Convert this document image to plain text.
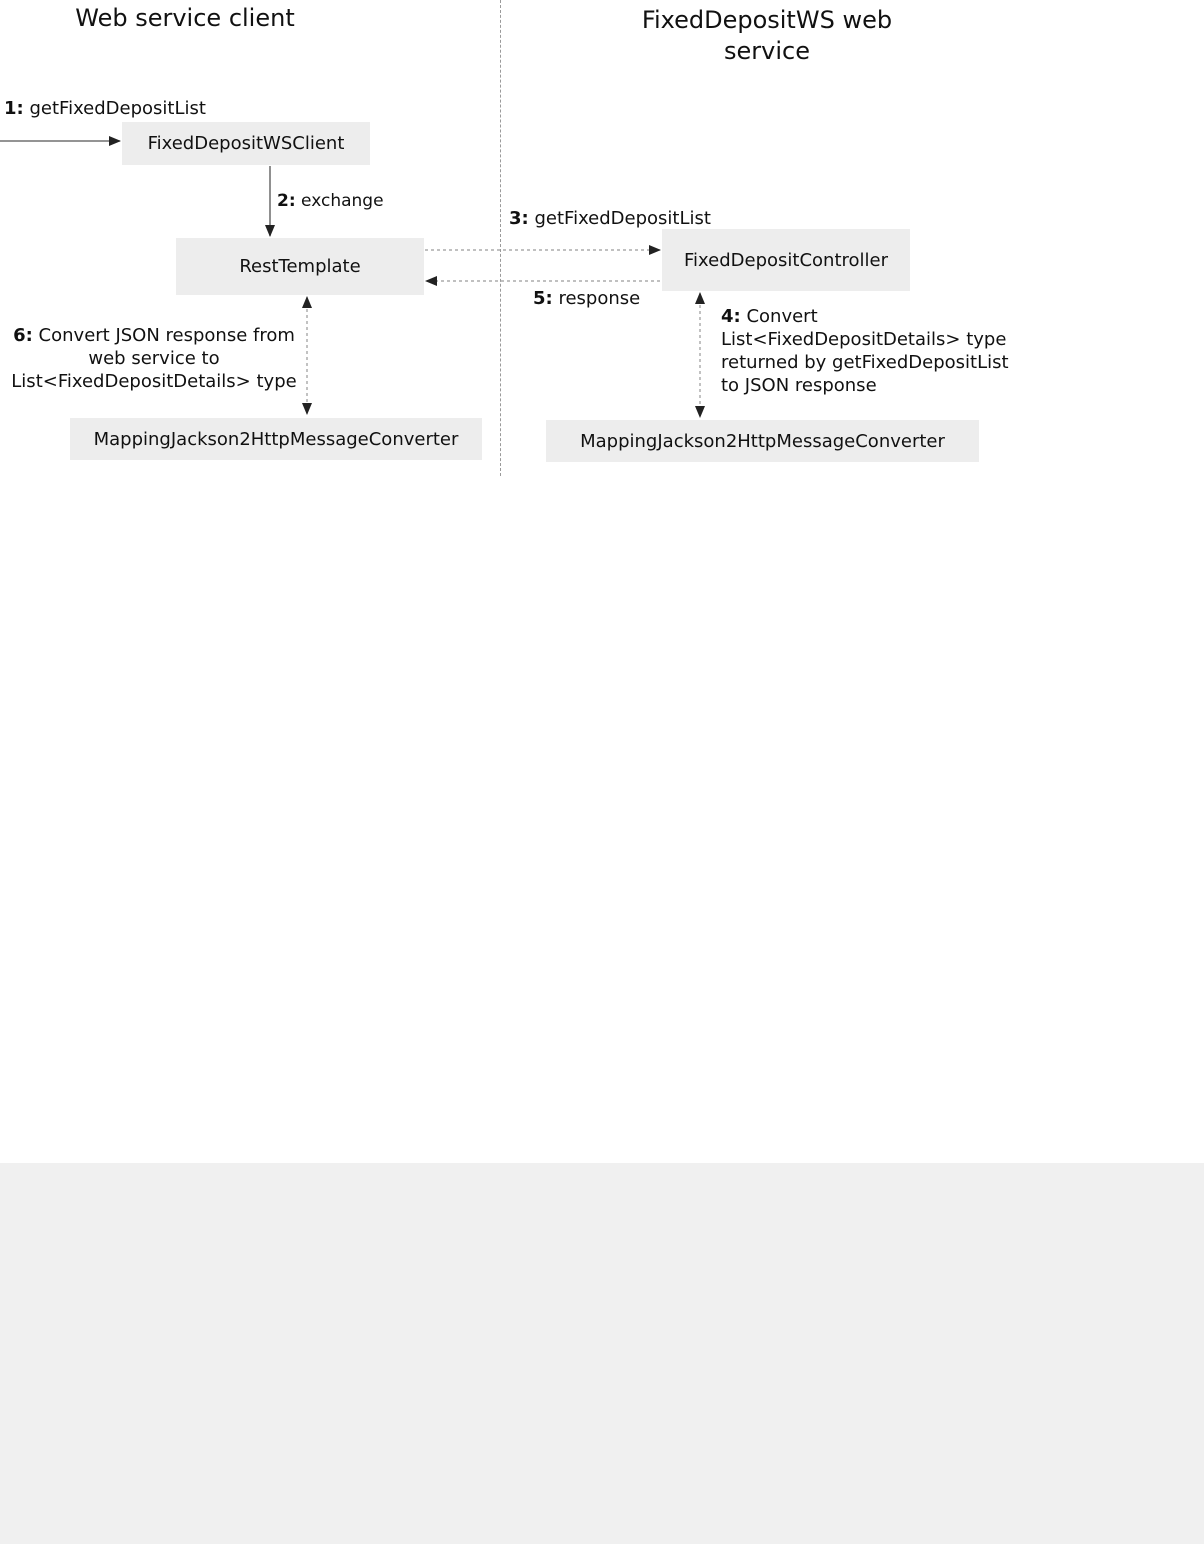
Web service client	FixedDepositWS web
service
FixedDepositWSClient
RestTemplate	FixedDepositController
MappingJackson2HttpMessageConverter	MappingJackson2HttpMessageConverter
1: getFixedDepositList
2: exchange
3: getFixedDepositList
5: response
6: Convert JSON response from
web service to
List<FixedDepositDetails> type
4: Convert
List<FixedDepositDetails> type
returned by getFixedDepositList
to JSON response
